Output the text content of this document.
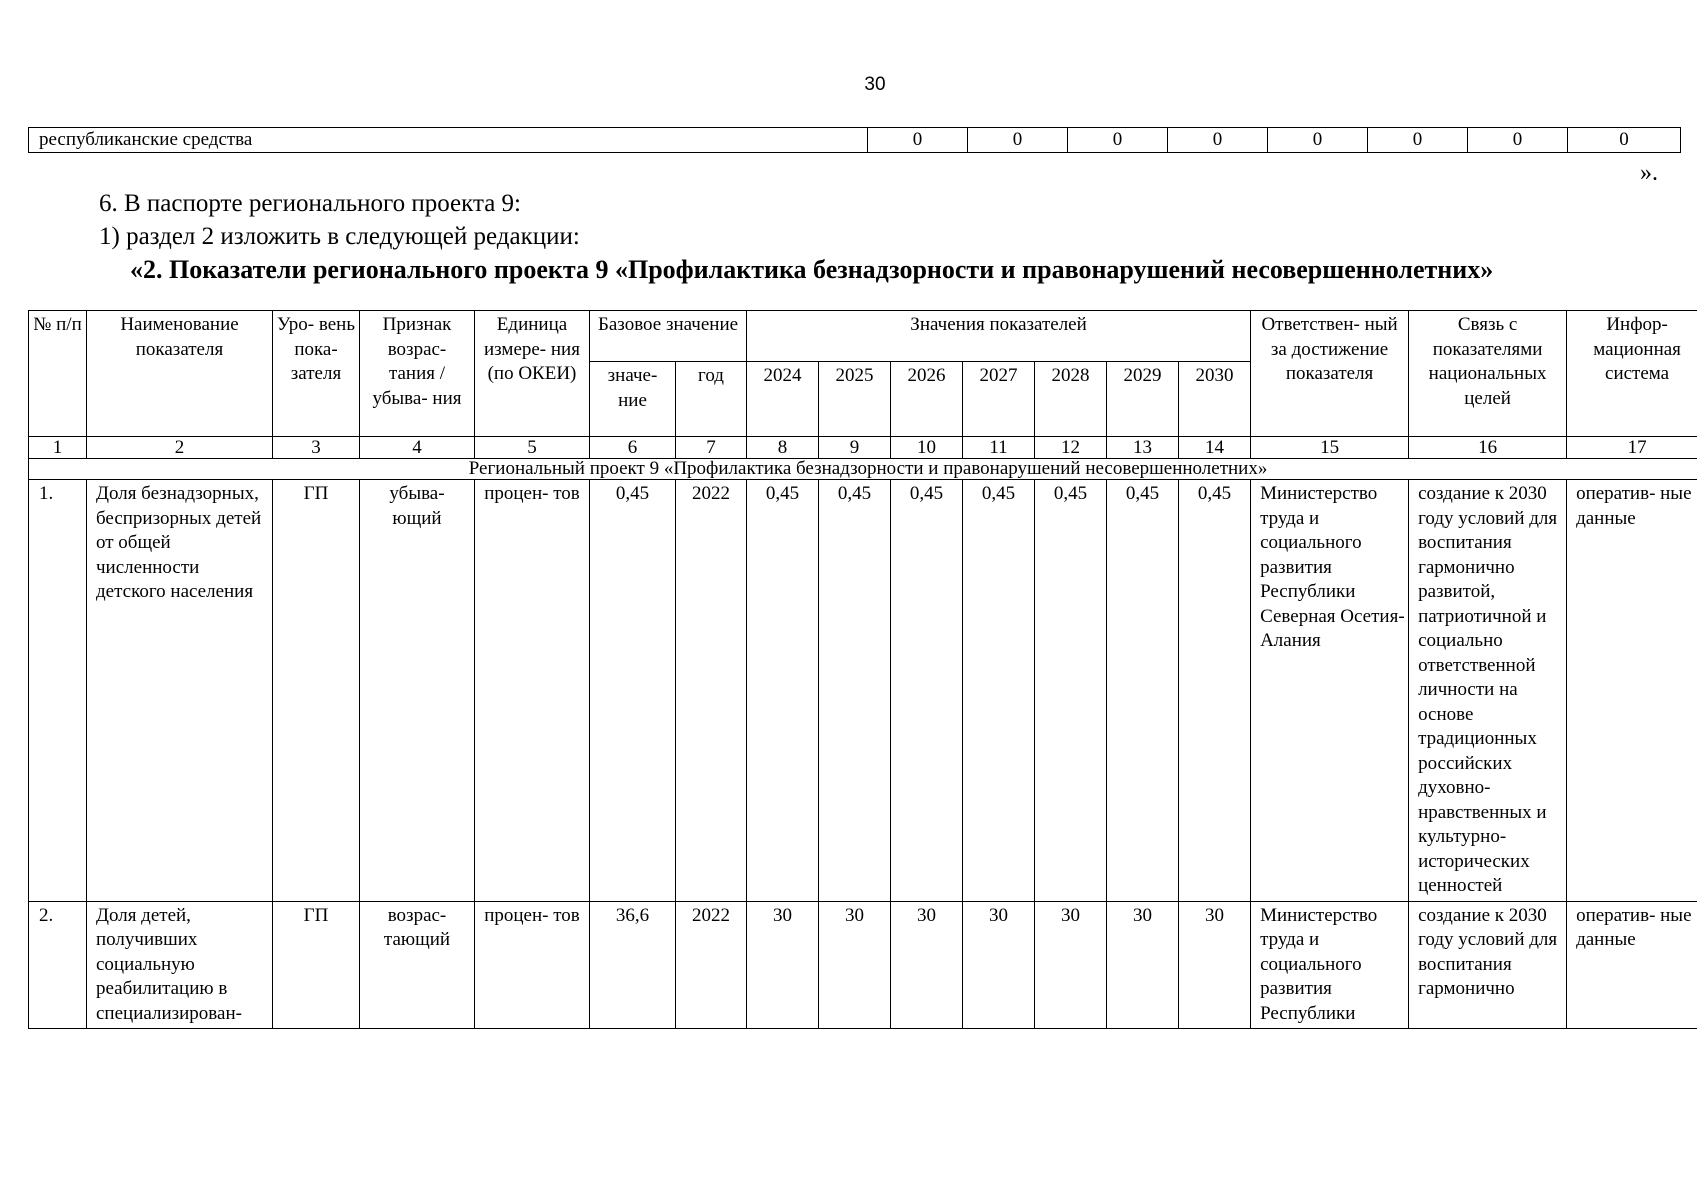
30
республиканские средства	0	0	0	0	0	0	0	0
».
6. В паспорте регионального проекта 9:
1) раздел 2 изложить в следующей редакции:
«2. Показатели регионального проекта 9 «Профилактика безнадзорности и правонарушений несовершеннолетних»
№ п/п	Наименование показателя	Уро- вень пока- зателя	Признак возрас- тания / убыва- ния	Единица измере- ния (по ОКЕИ)	Базовое значение		Значения показателей							Ответствен- ный за достижение показателя	Связь с показателями национальных целей	Инфор- мационная система
					значе- ние	год	2024	2025	2026	2027	2028	2029	2030			
1	2	3	4	5	6	7	8	9	10	11	12	13	14	15	16	17
Региональный проект 9 «Профилактика безнадзорности и правонарушений несовершеннолетних»																
1.	Доля безнадзорных, беспризорных детей от общей численности детского населения	ГП	убыва- ющий	процен- тов	0,45	2022	0,45	0,45	0,45	0,45	0,45	0,45	0,45	Министерство труда и социального развития Республики Северная Осетия- Алания	создание к 2030 году условий для воспитания гармонично развитой, патриотичной и социально ответственной личности на основе традиционных российских духовно- нравственных и культурно- исторических ценностей	оператив- ные данные
2.	Доля детей, получивших социальную реабилитацию в специализирован-	ГП	возрас- тающий	процен- тов	36,6	2022	30	30	30	30	30	30	30	Министерство труда и социального развития Республики	создание к 2030 году условий для воспитания гармонично	оператив- ные данные
